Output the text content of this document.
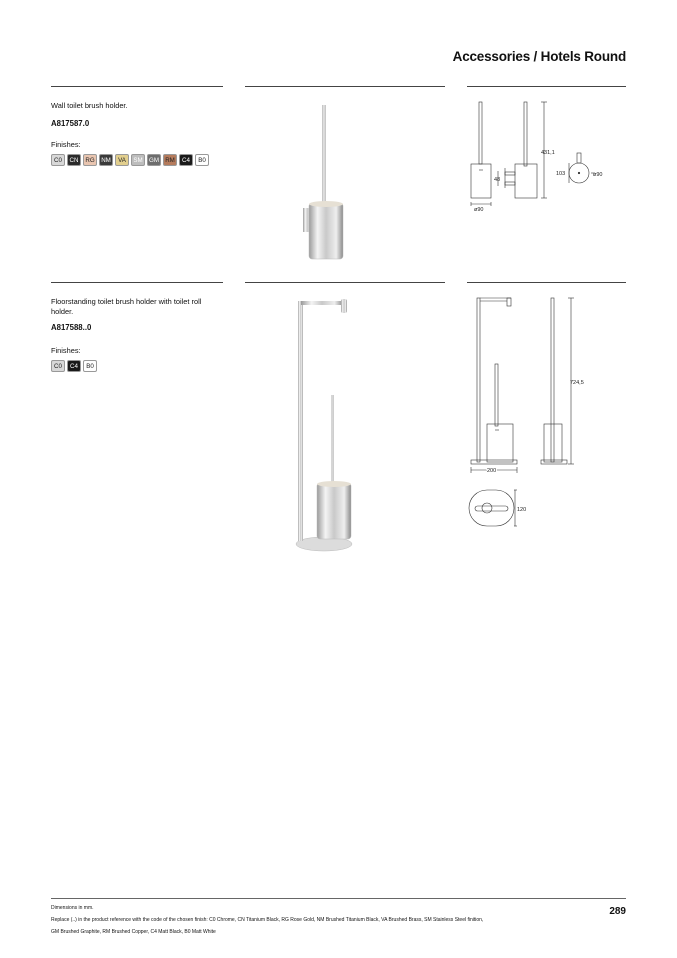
Accessories / Hotels Round
Wall toilet brush holder.
A817587.0
Finishes:
C0	CN	RG	NM	VA	SM	GM	RM	C4	B0
ø90
48
431,1
103	ø90
Floorstanding toilet brush holder with toilet roll holder.
A817588..0
Finishes:
C0	C4	B0
200
724,5
120
Dimensions in mm.
Replace (..) in the product reference with the code of the chosen finish: C0 Chrome, CN Titanium Black, RG Rose Gold, NM Brushed Titanium Black, VA Brushed Brass, SM Stainless Steel finition,
GM Brushed Graphite, RM Brushed Copper, C4 Matt Black, B0 Matt White
289
